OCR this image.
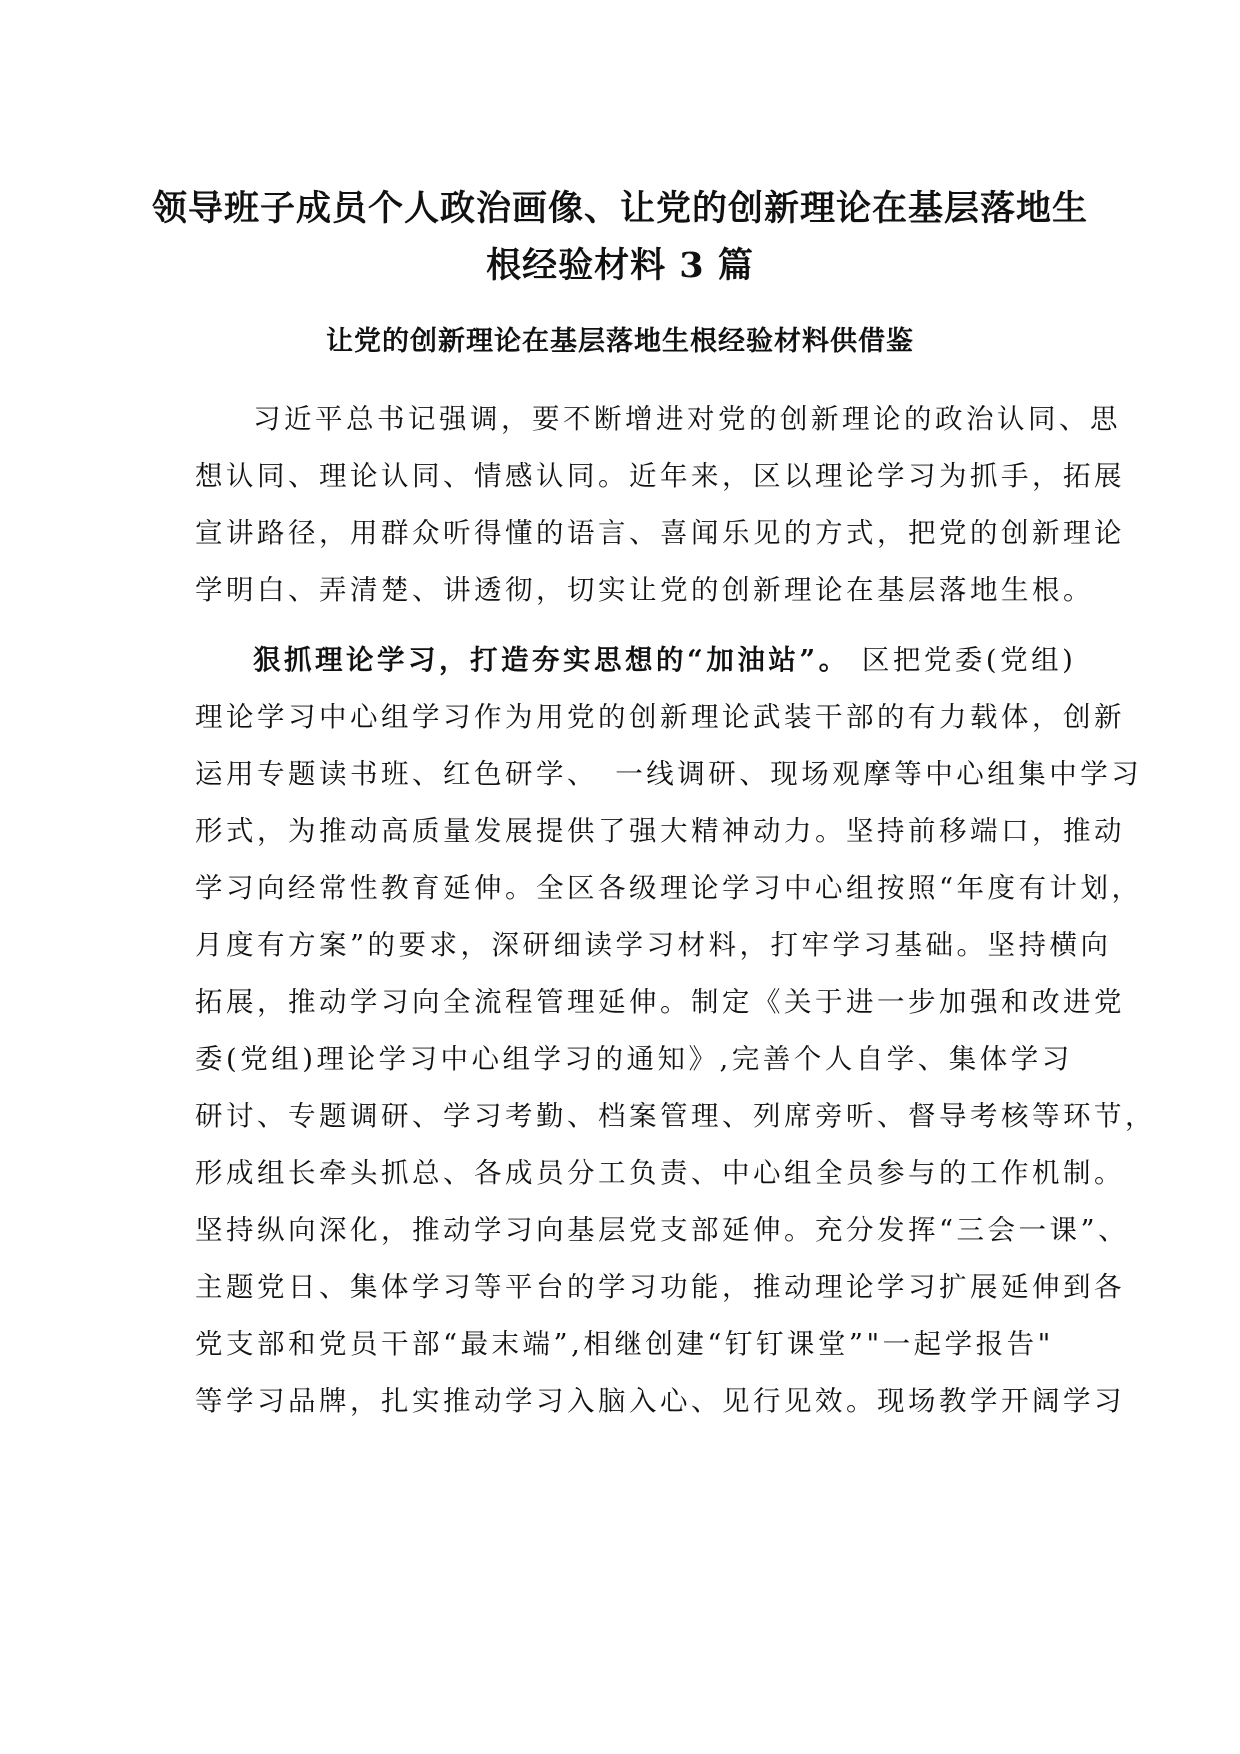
领导班子成员个人政治画像、让党的创新理论在基层落地生
根经验材料 3 篇
让党的创新理论在基层落地生根经验材料供借鉴
习近平总书记强调，要不断增进对党的创新理论的政治认同、思
想认同、理论认同、情感认同。近年来，区以理论学习为抓手，拓展
宣讲路径，用群众听得懂的语言、喜闻乐见的方式，把党的创新理论
学明白、弄清楚、讲透彻，切实让党的创新理论在基层落地生根。
狠抓理论学习，打造夯实思想的“加油站”。 区把党委(党组)
理论学习中心组学习作为用党的创新理论武装干部的有力载体，创新
运用专题读书班、红色研学、　一线调研、现场观摩等中心组集中学习
形式，为推动高质量发展提供了强大精神动力。坚持前移端口，推动
学习向经常性教育延伸。全区各级理论学习中心组按照“年度有计划，
月度有方案”的要求，深研细读学习材料，打牢学习基础。坚持横向
拓展，推动学习向全流程管理延伸。制定《关于进一步加强和改进党
委(党组)理论学习中心组学习的通知》,完善个人自学、集体学习
研讨、专题调研、学习考勤、档案管理、列席旁听、督导考核等环节，
形成组长牵头抓总、各成员分工负责、中心组全员参与的工作机制。
坚持纵向深化，推动学习向基层党支部延伸。充分发挥“三会一课”、
主题党日、集体学习等平台的学习功能，推动理论学习扩展延伸到各
党支部和党员干部“最末端”,相继创建“钉钉课堂”"一起学报告"
等学习品牌，扎实推动学习入脑入心、见行见效。现场教学开阔学习
